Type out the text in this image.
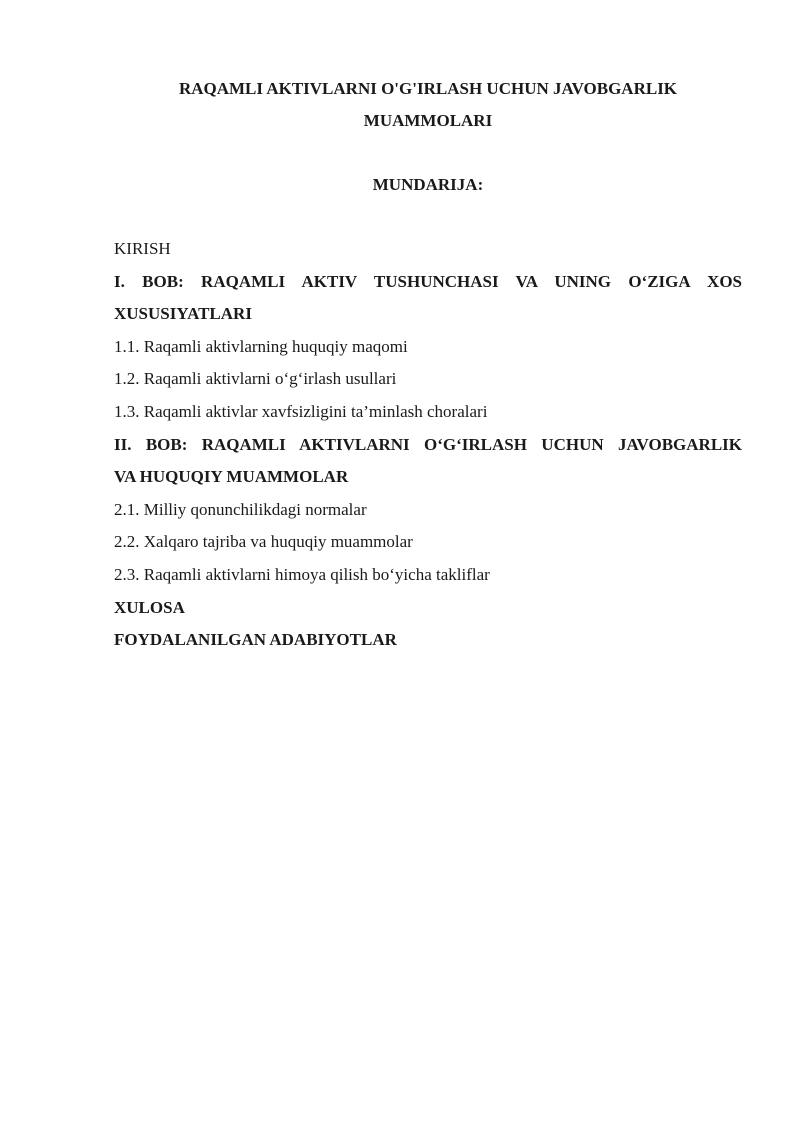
RAQAMLI AKTIVLARNI O'G'IRLASH UCHUN JAVOBGARLIK
MUAMMOLARI
MUNDARIJA:
KIRISH
I. BOB: RAQAMLI AKTIV TUSHUNCHASI VA UNING O‘ZIGA XOS
XUSUSIYATLARI
1.1. Raqamli aktivlarning huquqiy maqomi
1.2. Raqamli aktivlarni o‘g‘irlash usullari
1.3. Raqamli aktivlar xavfsizligini ta’minlash choralari
II. BOB: RAQAMLI AKTIVLARNI O‘G‘IRLASH UCHUN JAVOBGARLIK
VA HUQUQIY MUAMMOLAR
2.1. Milliy qonunchilikdagi normalar
2.2. Xalqaro tajriba va huquqiy muammolar
2.3. Raqamli aktivlarni himoya qilish bo‘yicha takliflar
XULOSA
FOYDALANILGAN ADABIYOTLAR
